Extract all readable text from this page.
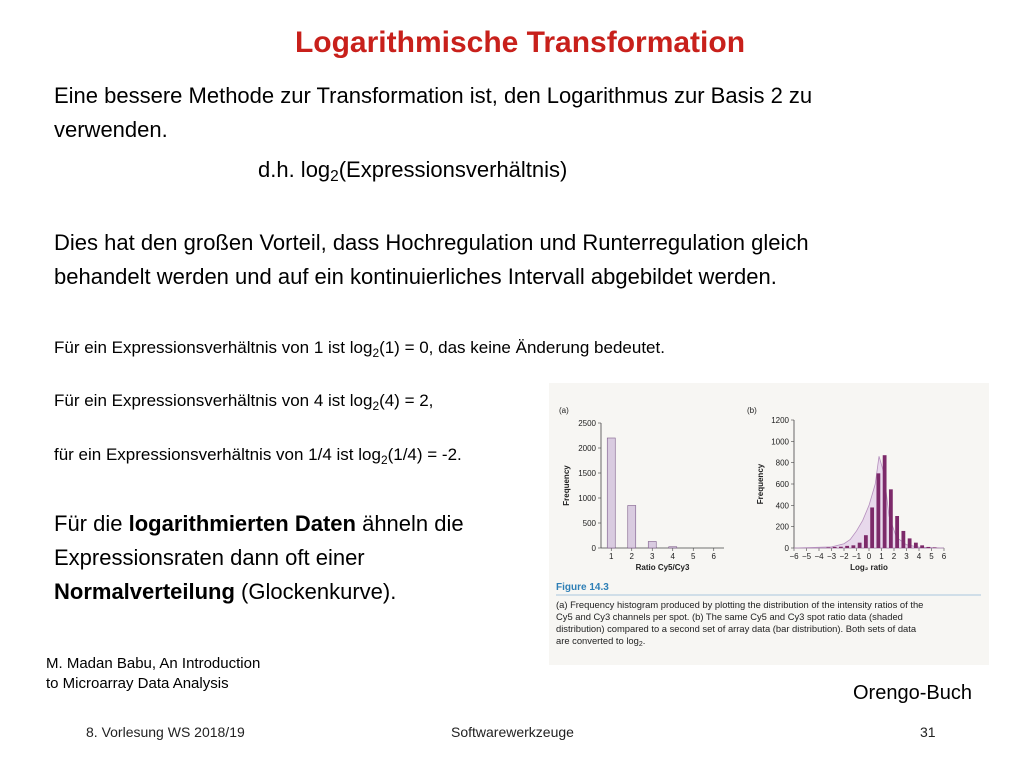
Logarithmische Transformation
Eine bessere Methode zur Transformation ist, den Logarithmus zur Basis 2 zu
verwenden.
d.h. $\log_2(Expressionsverhältnis)$
Dies hat den großen Vorteil, dass Hochregulation und Runterregulation gleich
behandelt werden und auf ein kontinuierliches Intervall abgebildet werden.
Für ein Expressionsverhältnis von 1 ist $\log_2(1) = 0$, das keine Änderung bedeutet.
Für ein Expressionsverhältnis von 4 ist $\log_2(4) = 2$,
für ein Expressionsverhältnis von 1/4 ist $\log_2(1/4) = -2$.
Für die logarithmierten Daten ähneln die
Expressionsraten dann oft einer
Normalverteilung (Glockenkurve).
(a)
0
500
1000
1500
2000
2500
1 2 3 4 5 6
Ratio Cy5/Cy3
Frequency
(b)
0
200
400
600
800
1000
1200
−6 −5 −4 −3 −2 −1 0 1 2 3 4 5 6
Log₂ ratio
Frequency
Figure 14.3
(a) Frequency histogram produced by plotting the distribution of the intensity ratios of the
Cy5 and Cy3 channels per spot. (b) The same Cy5 and Cy3 spot ratio data (shaded
distribution) compared to a second set of array data (bar distribution). Both sets of data
are converted to $\log_2$.
M. Madan Babu, An Introduction
to Microarray Data Analysis	Orengo-Buch
8. Vorlesung WS 2018/19	Softwarewerkzeuge	31
